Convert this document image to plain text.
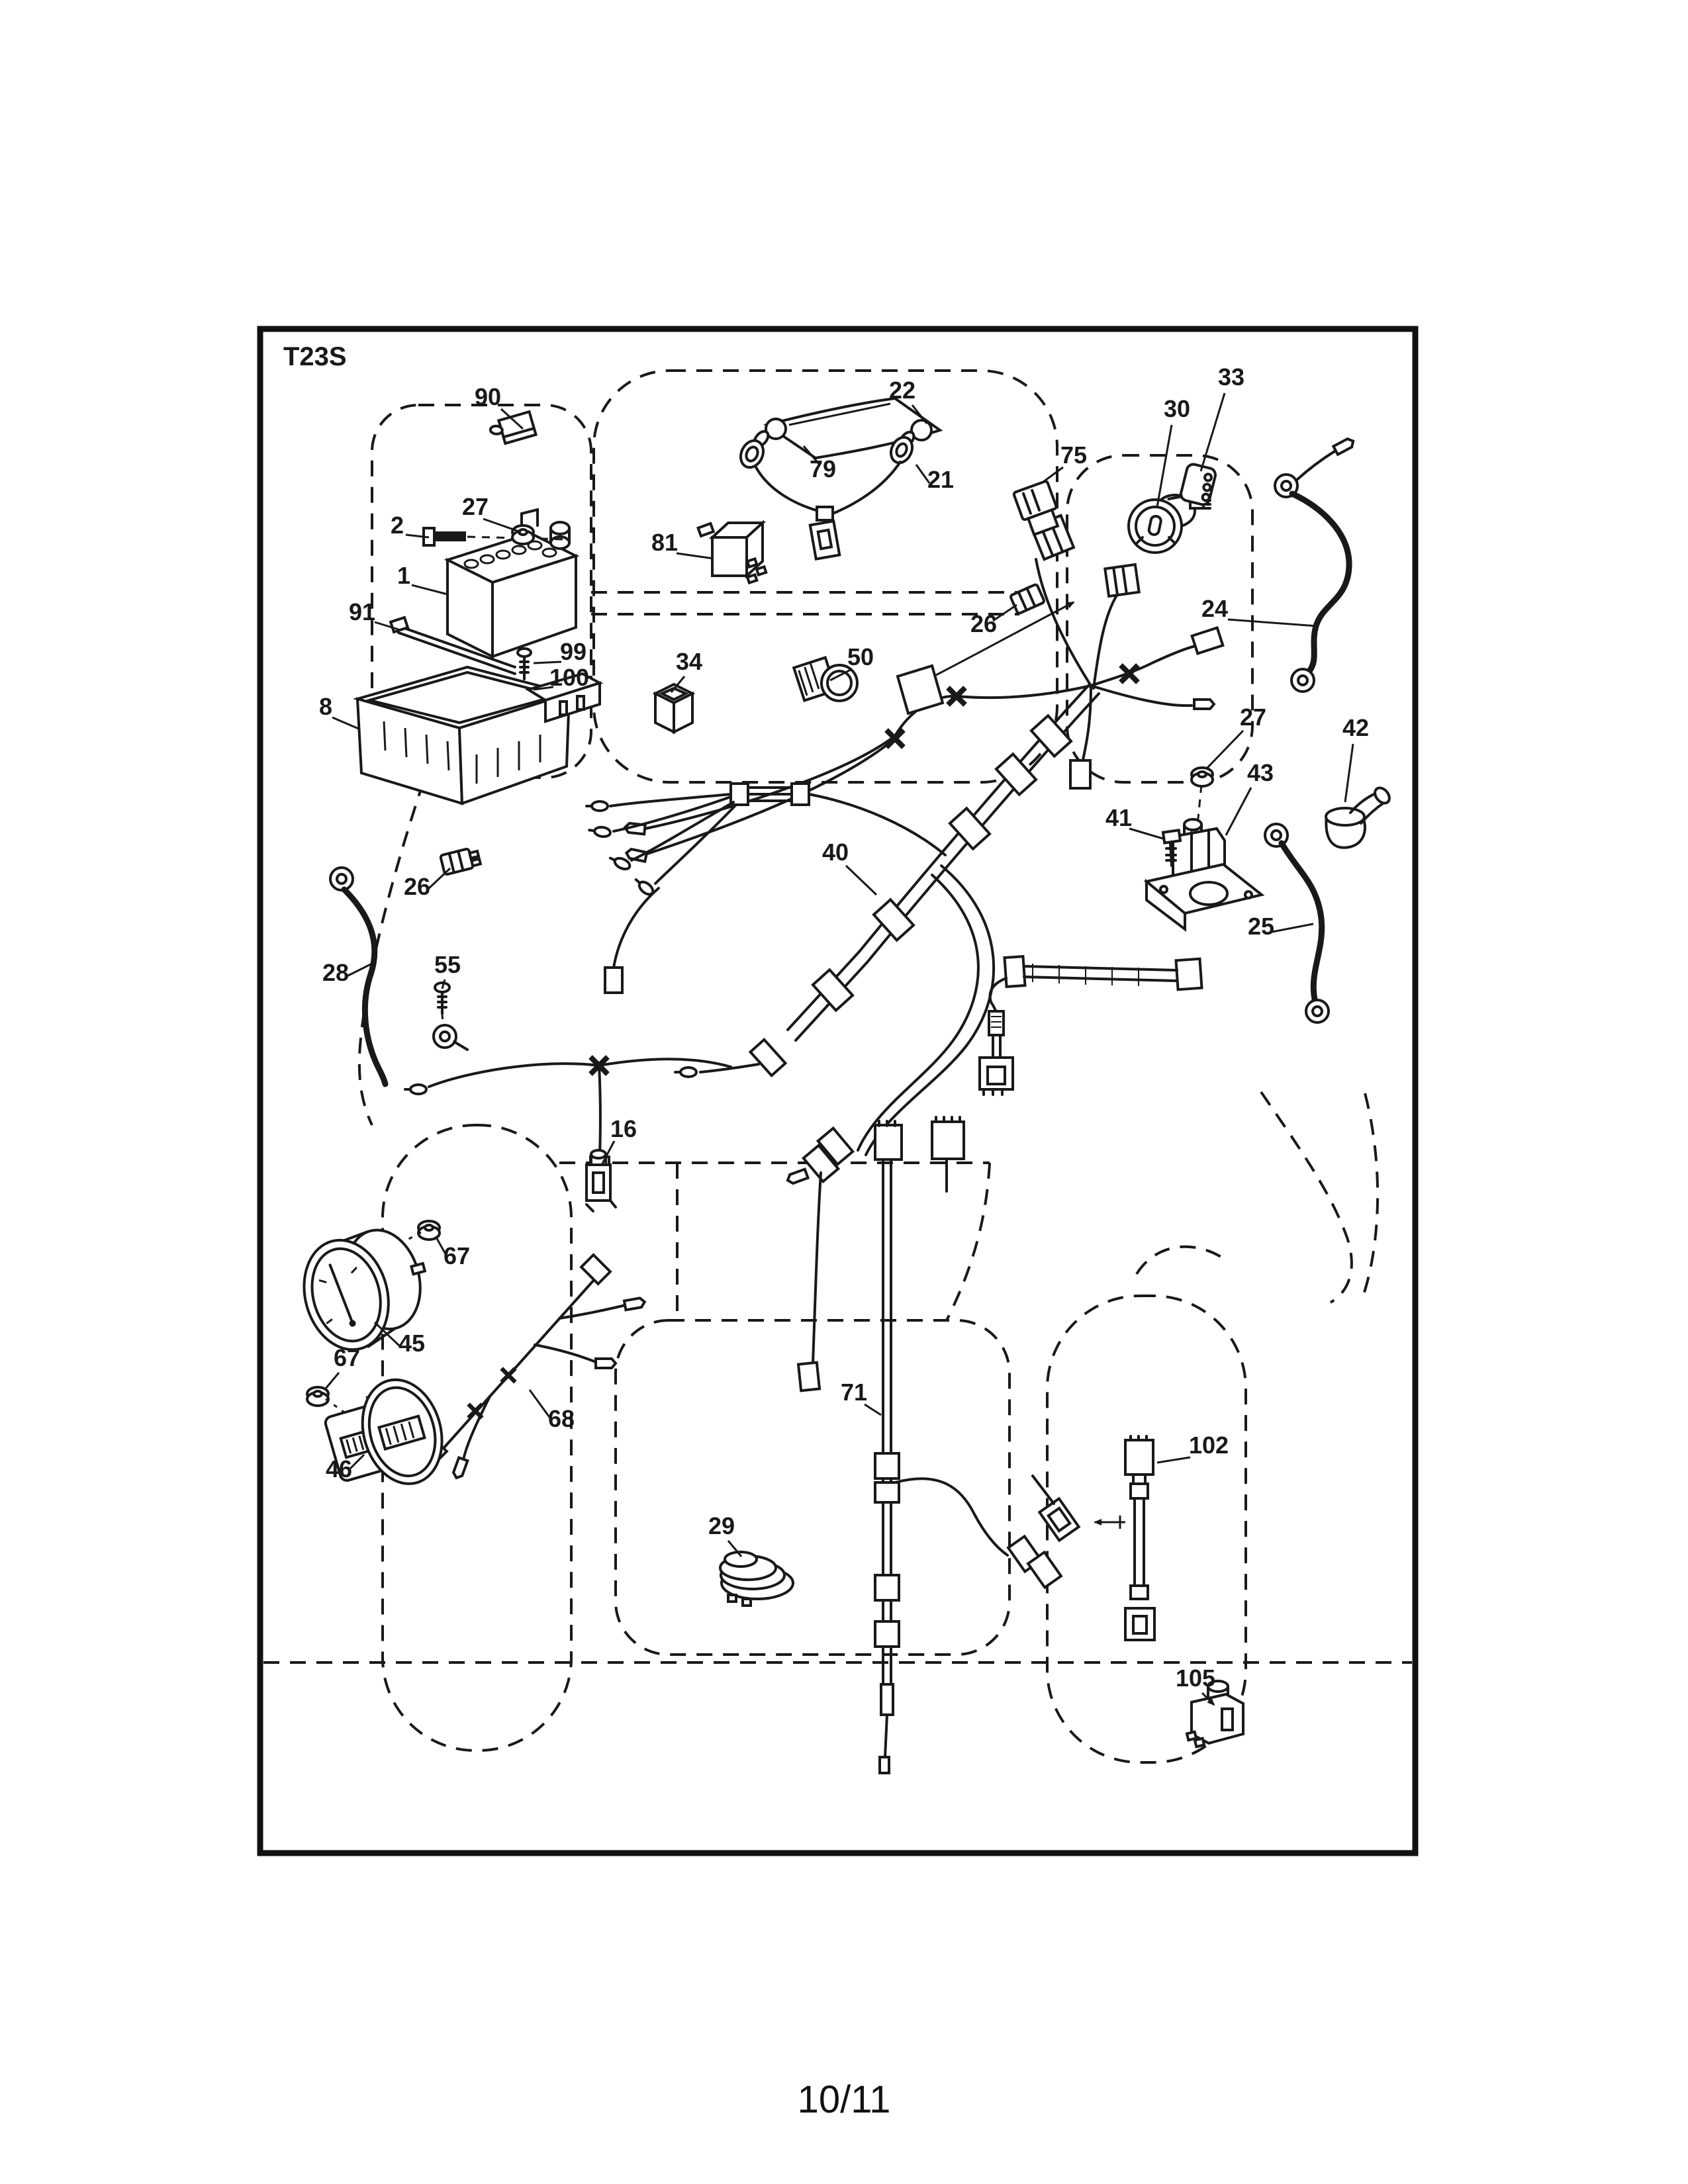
T23S
90
2
27
1
91
99
100
8
22
79	21
81
26
34	50
75
30
33
24
27
43
42
41
25
26
28	55
40
16
67
45
67
46
68
29
71
102
105
10/11
